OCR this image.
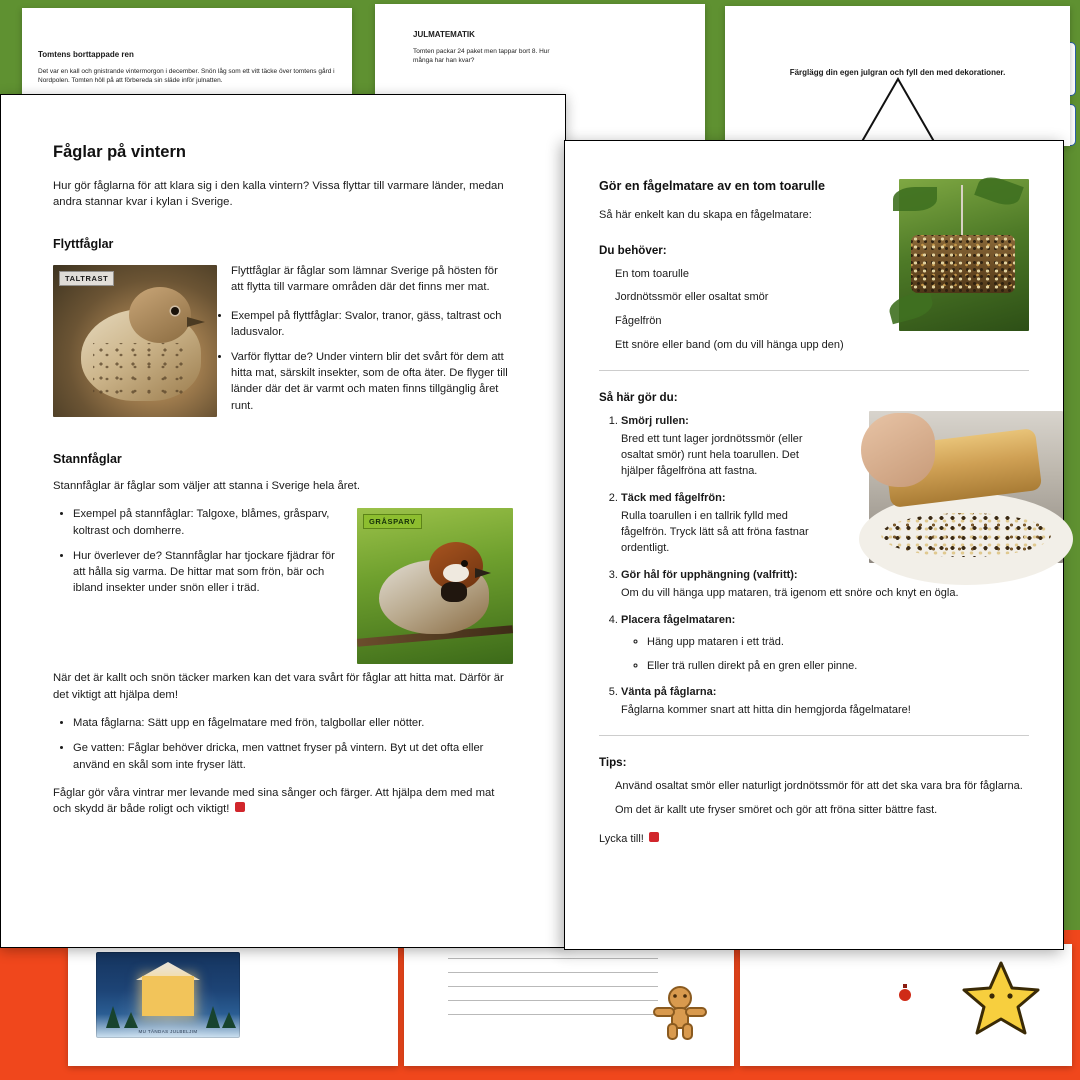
Tomtens borttappade ren
Det var en kall och gnistrande vintermorgon i december. Snön låg som ett vitt täcke över tomtens gård i Nordpolen. Tomten höll på att förbereda sin släde inför julnatten.
JULMATEMATIK
Tomten packar 24 paket men tappar bort 8. Hur många har han kvar?
Färglägg din egen julgran och fyll den med dekorationer.
MU TÄNDAS JULBELJIM
Fåglar på vintern

Hur gör fåglarna för att klara sig i den kalla vintern? Vissa flyttar till varmare länder, medan andra stannar kvar i kylan i Sverige.

Flyttfåglar
TALTRAST

Flyttfåglar är fåglar som lämnar Sverige på hösten för att flytta till varmare områden där det finns mer mat.

• Exempel på flyttfåglar: Svalor, tranor, gäss, taltrast och ladusvalor.
• Varför flyttar de? Under vintern blir det svårt för dem att hitta mat, särskilt insekter, som de ofta äter. De flyger till länder där det är varmt och maten finns tillgänglig året runt.
Stannfåglar

Stannfåglar är fåglar som väljer att stanna i Sverige hela året.

GRÅSPARV
• Exempel på stannfåglar: Talgoxe, blåmes, gråsparv, koltrast och domherre.
• Hur överlever de? Stannfåglar har tjockare fjädrar för att hålla sig varma. De hittar mat som frön, bär och ibland insekter under snön eller i träd.

När det är kallt och snön täcker marken kan det vara svårt för fåglar att hitta mat. Därför är det viktigt att hjälpa dem!

• Mata fåglarna: Sätt upp en fågelmatare med frön, talgbollar eller nötter.
• Ge vatten: Fåglar behöver dricka, men vattnet fryser på vintern. Byt ut det ofta eller använd en skål som inte fryser lätt.

Fåglar gör våra vintrar mer levande med sina sånger och färger. Att hjälpa dem med mat och skydd är både roligt och viktigt!

Gör en fågelmatare av en tom toarulle

Så här enkelt kan du skapa en fågelmatare:

Du behöver:
En tom toarulle
Jordnötssmör eller osaltat smör
Fågelfrön
Ett snöre eller band (om du vill hänga upp den)
Så här gör du:
1. Smörj rullen:
Bred ett tunt lager jordnötssmör (eller osaltat smör) runt hela toarullen. Det hjälper fågelfröna att fastna.
2. Täck med fågelfrön:
Rulla toarullen i en tallrik fylld med fågelfrön. Tryck lätt så att fröna fastnar ordentligt.
3. Gör hål för upphängning (valfritt):
Om du vill hänga upp mataren, trä igenom ett snöre och knyt en ögla.
4. Placera fågelmataren:
◦ Häng upp mataren i ett träd.
◦ Eller trä rullen direkt på en gren eller pinne.
5. Vänta på fåglarna:
Fåglarna kommer snart att hitta din hemgjorda fågelmatare!
Tips:
Använd osaltat smör eller naturligt jordnötssmör för att det ska vara bra för fåglarna.
Om det är kallt ute fryser smöret och gör att fröna sitter bättre fast.
Lycka till!
